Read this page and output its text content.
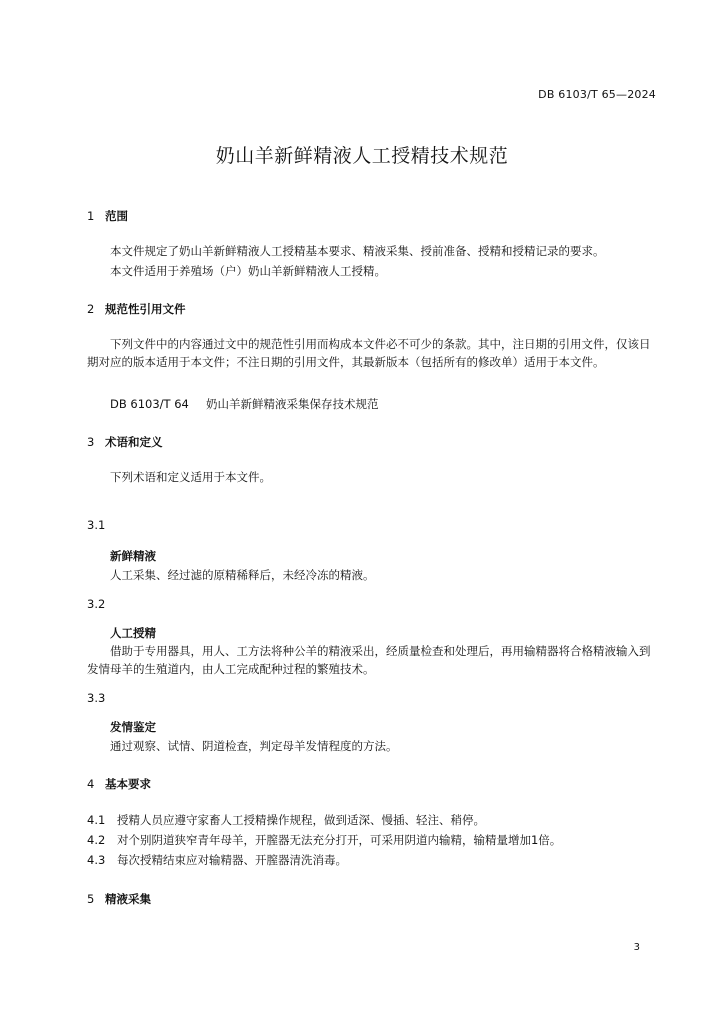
DB 6103/T 65—2024
奶山羊新鲜精液人工授精技术规范
1 范围
本文件规定了奶山羊新鲜精液人工授精基本要求、精液采集、授前准备、授精和授精记录的要求。
本文件适用于养殖场（户）奶山羊新鲜精液人工授精。
2 规范性引用文件
下列文件中的内容通过文中的规范性引用而构成本文件必不可少的条款。其中，注日期的引用文件，仅该日期对应的版本适用于本文件；不注日期的引用文件，其最新版本（包括所有的修改单）适用于本文件。
DB 6103/T 64 奶山羊新鲜精液采集保存技术规范
3 术语和定义
下列术语和定义适用于本文件。
3.1
新鲜精液
人工采集、经过滤的原精稀释后，未经冷冻的精液。
3.2
人工授精
借助于专用器具，用人、工方法将种公羊的精液采出，经质量检查和处理后，再用输精器将合格精液输入到发情母羊的生殖道内，由人工完成配种过程的繁殖技术。
3.3
发情鉴定
通过观察、试情、阴道检查，判定母羊发情程度的方法。
4 基本要求
4.1 授精人员应遵守家畜人工授精操作规程，做到适深、慢插、轻注、稍停。
4.2 对个别阴道狭窄青年母羊，开膣器无法充分打开，可采用阴道内输精，输精量增加1倍。
4.3 每次授精结束应对输精器、开膣器清洗消毒。
5 精液采集
3
